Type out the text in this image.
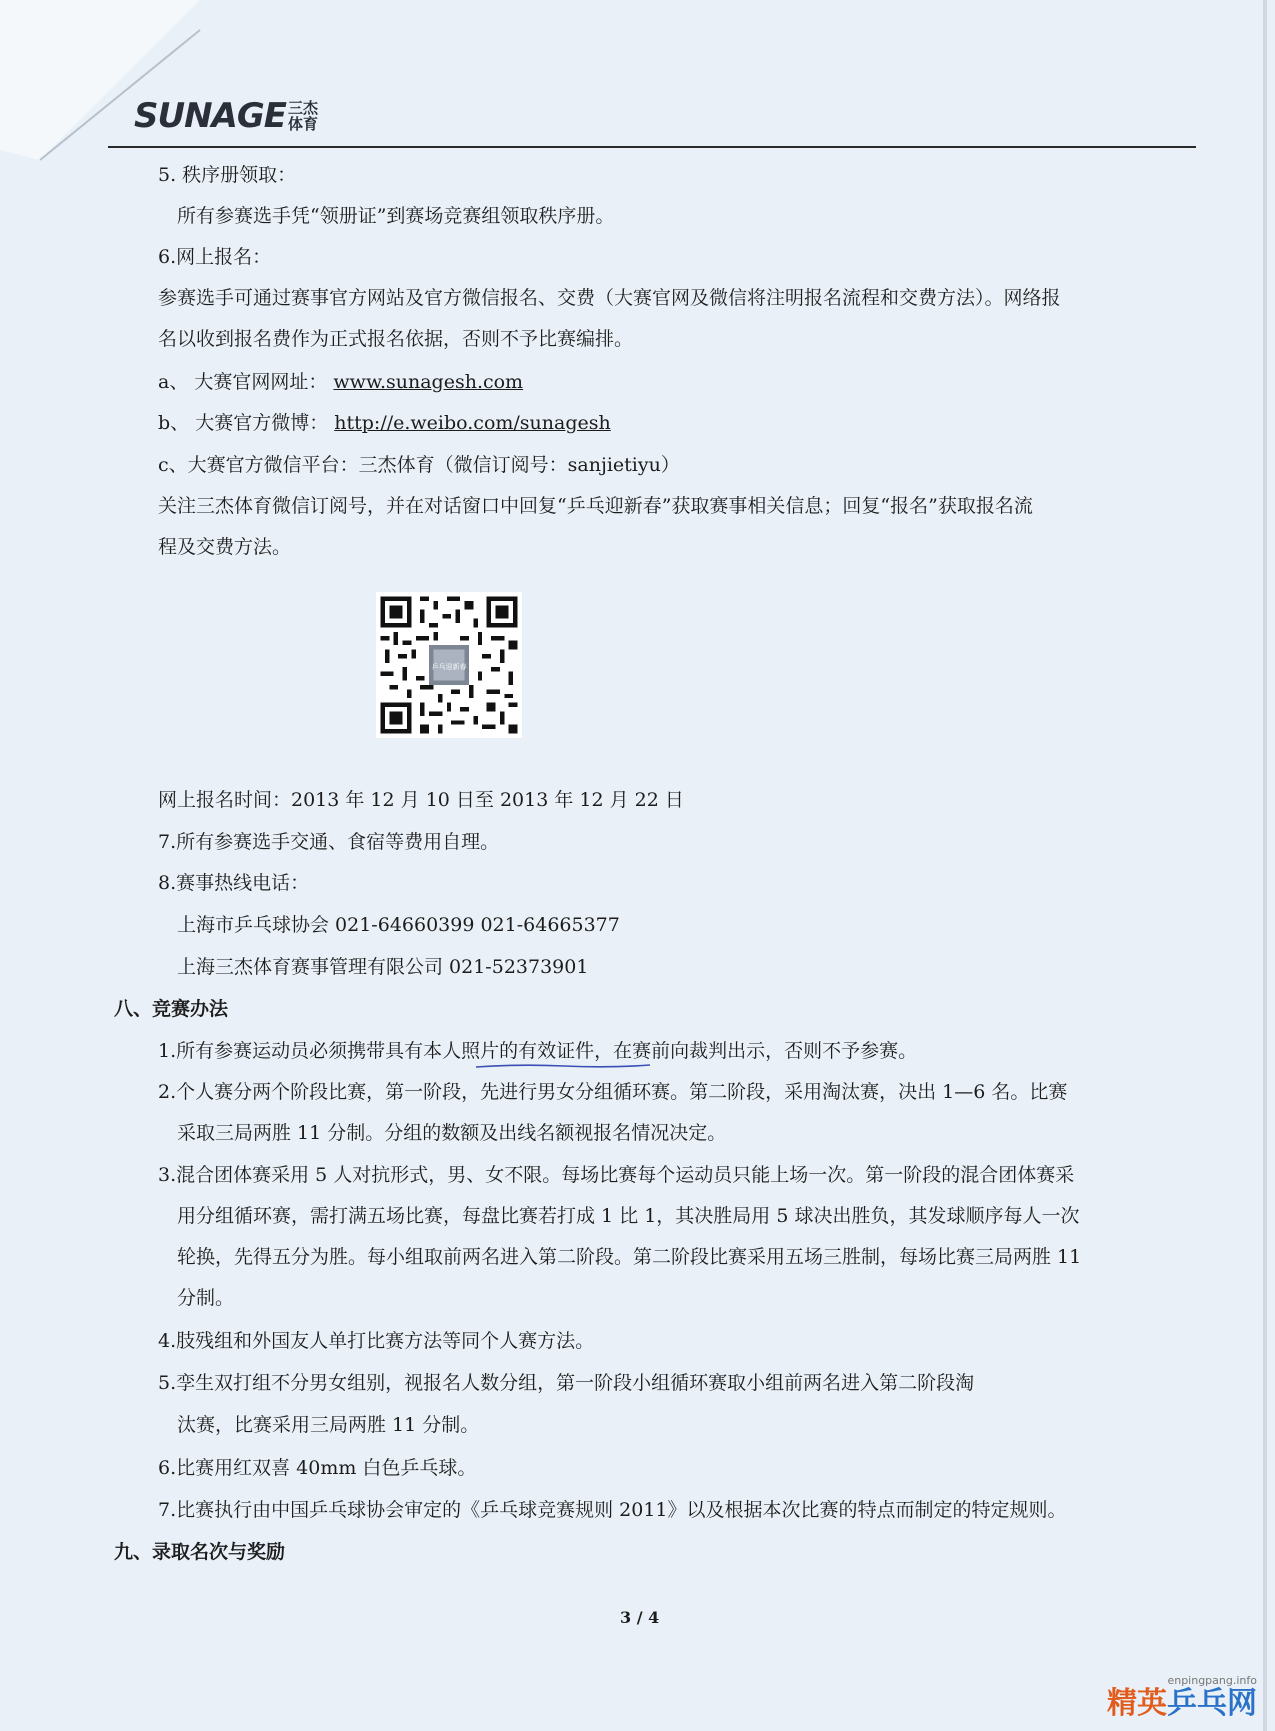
SUNAGE 三杰
体育
5. 秩序册领取：
所有参赛选手凭“领册证”到赛场竞赛组领取秩序册。
6.网上报名：
参赛选手可通过赛事官方网站及官方微信报名、交费（大赛官网及微信将注明报名流程和交费方法）。网络报
名以收到报名费作为正式报名依据，否则不予比赛编排。
a、 大赛官网网址： www.sunagesh.com
b、 大赛官方微博： http://e.weibo.com/sunagesh
c、大赛官方微信平台：三杰体育（微信订阅号：sanjietiyu）
关注三杰体育微信订阅号，并在对话窗口中回复“乒乓迎新春”获取赛事相关信息；回复“报名”获取报名流
程及交费方法。
乒乓迎新春
网上报名时间：2013 年 12 月 10 日至 2013 年 12 月 22 日
7.所有参赛选手交通、食宿等费用自理。
8.赛事热线电话：
上海市乒乓球协会 021-64660399 021-64665377
上海三杰体育赛事管理有限公司 021-52373901
八、竞赛办法
1.所有参赛运动员必须携带具有本人照片的有效证件，在赛前向裁判出示，否则不予参赛。
2.个人赛分两个阶段比赛，第一阶段，先进行男女分组循环赛。第二阶段，采用淘汰赛，决出 1—6 名。比赛
采取三局两胜 11 分制。分组的数额及出线名额视报名情况决定。
3.混合团体赛采用 5 人对抗形式，男、女不限。每场比赛每个运动员只能上场一次。第一阶段的混合团体赛采
用分组循环赛，需打满五场比赛，每盘比赛若打成 1 比 1，其决胜局用 5 球决出胜负，其发球顺序每人一次
轮换，先得五分为胜。每小组取前两名进入第二阶段。第二阶段比赛采用五场三胜制，每场比赛三局两胜 11
分制。
4.肢残组和外国友人单打比赛方法等同个人赛方法。
5.孪生双打组不分男女组别，视报名人数分组，第一阶段小组循环赛取小组前两名进入第二阶段淘
汰赛，比赛采用三局两胜 11 分制。
6.比赛用红双喜 40mm 白色乒乓球。
7.比赛执行由中国乒乓球协会审定的《乒乓球竞赛规则 2011》以及根据本次比赛的特点而制定的特定规则。
九、录取名次与奖励
3 / 4
enpingpang.info
精英乒乓网
